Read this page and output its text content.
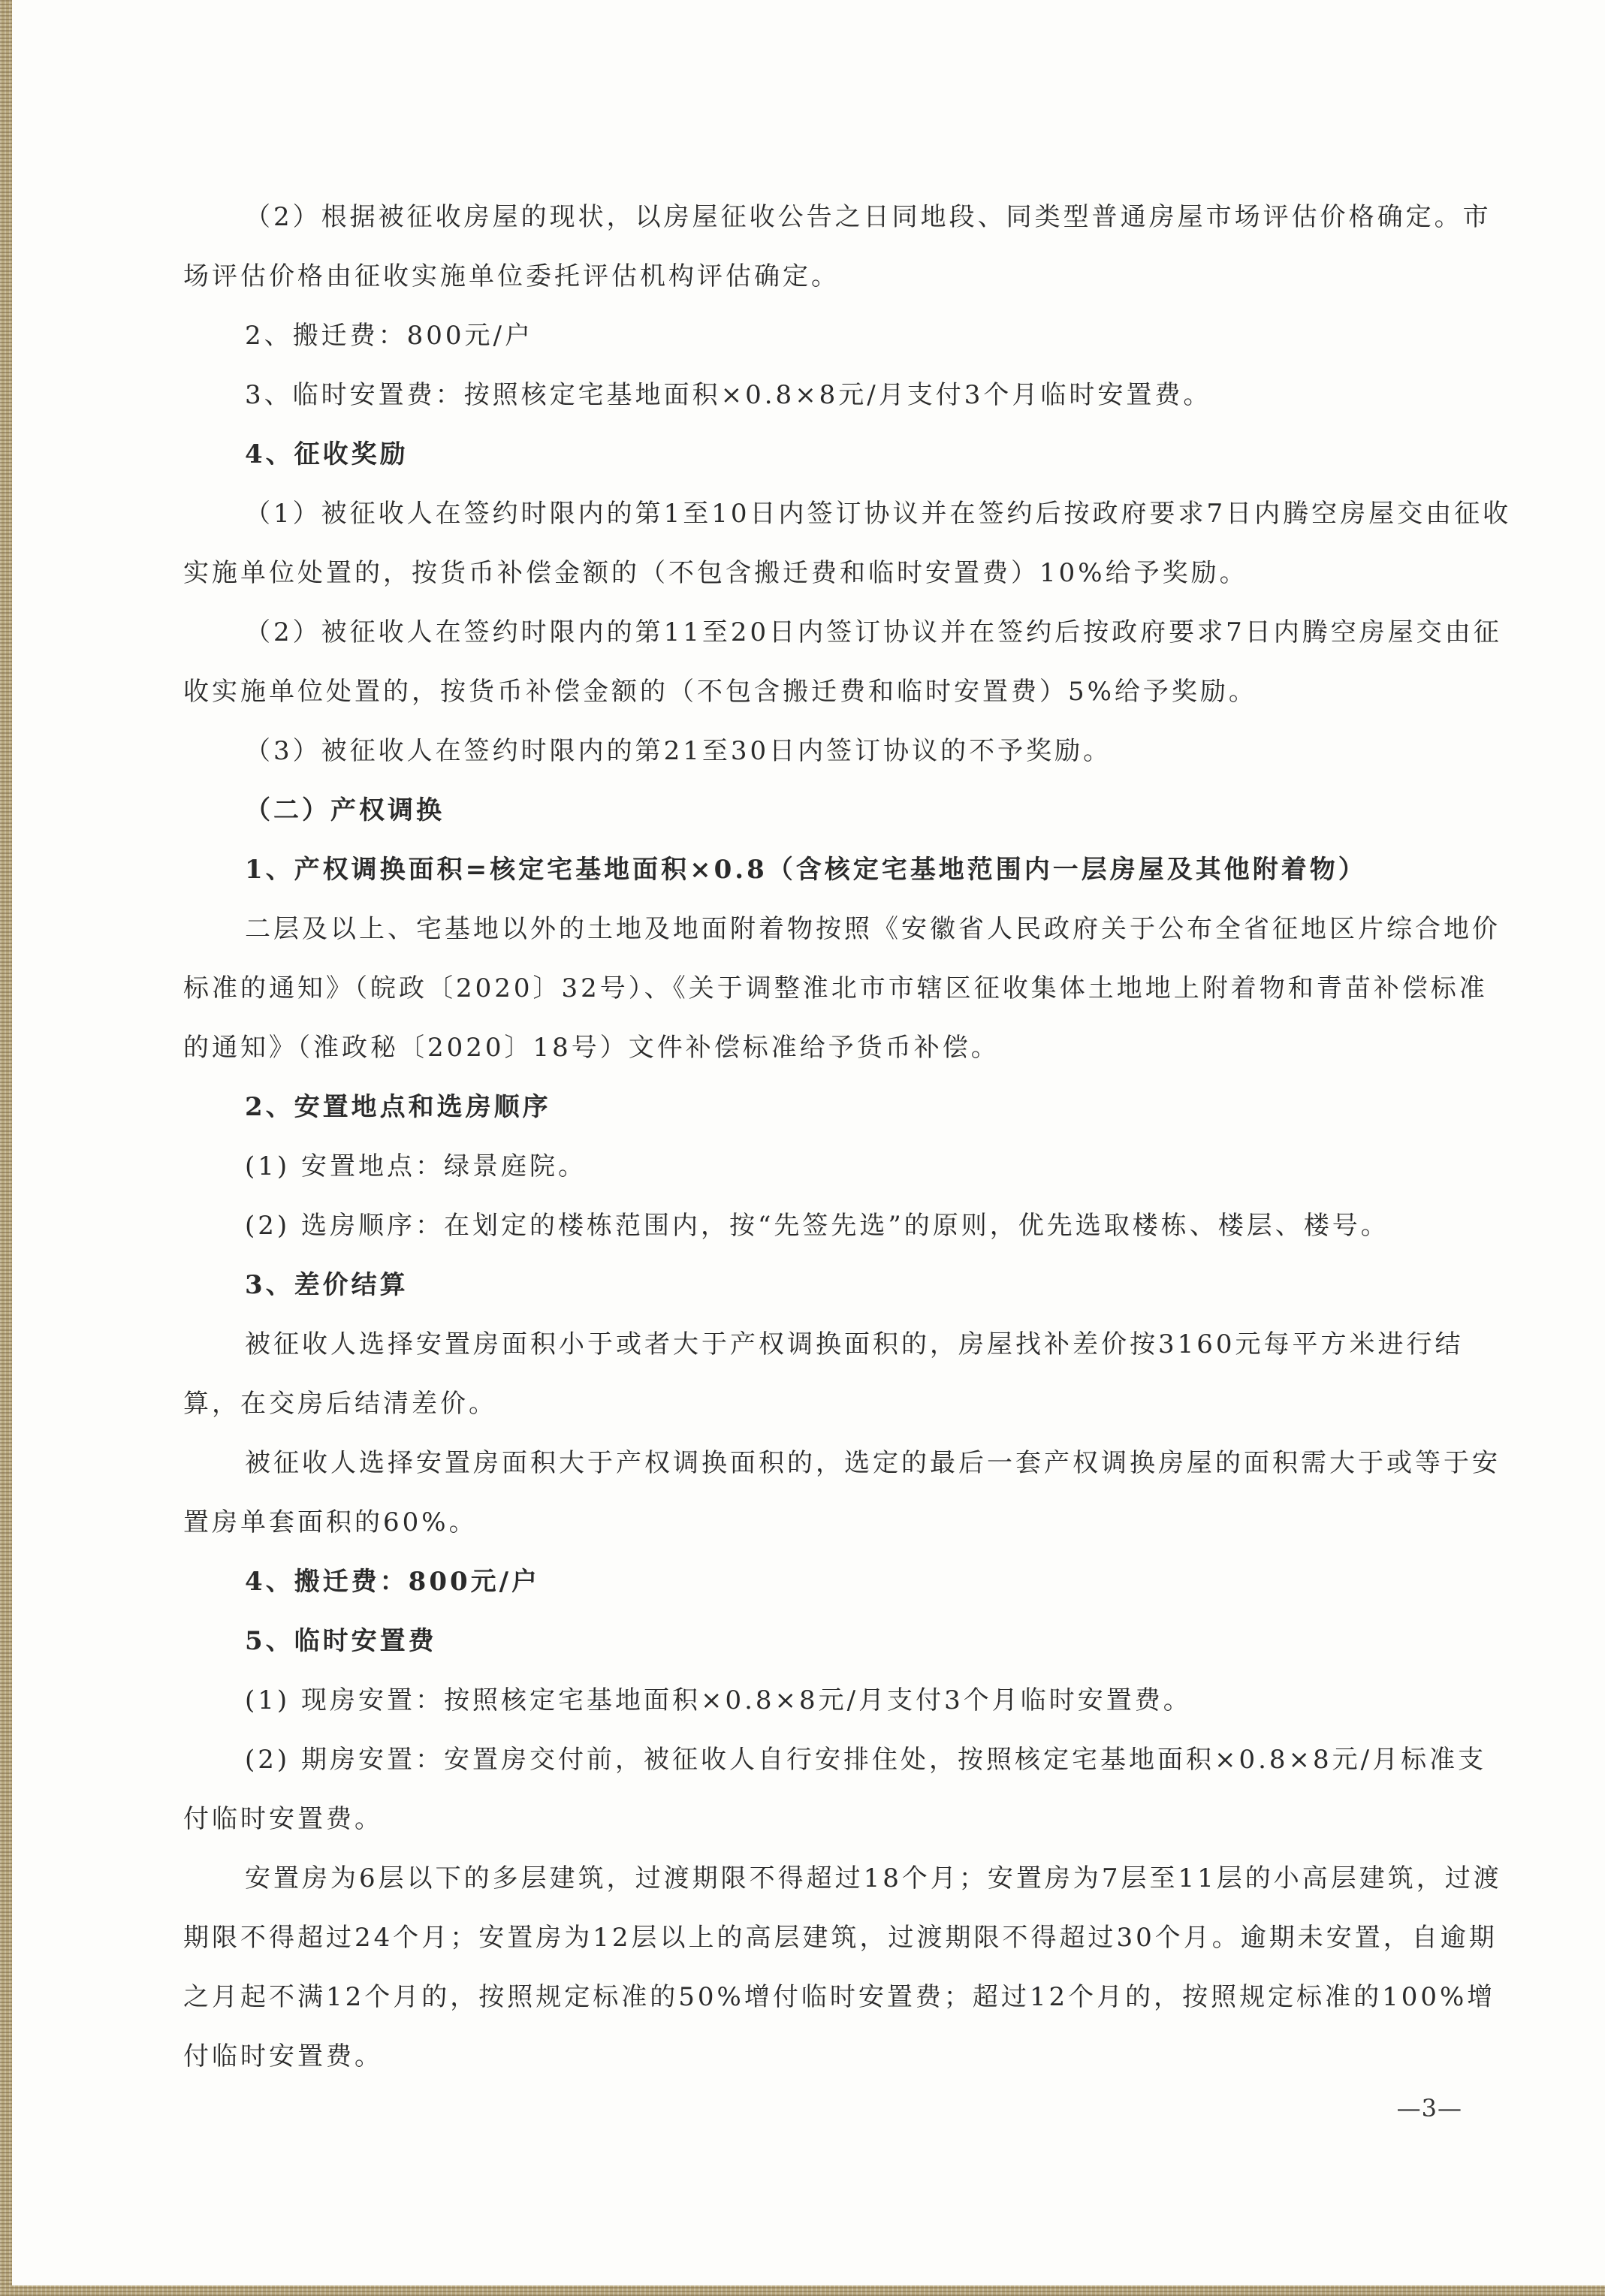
（2）根据被征收房屋的现状，以房屋征收公告之日同地段、同类型普通房屋市场评估价格确定。市场评估价格由征收实施单位委托评估机构评估确定。

2、搬迁费：800元/户

3、临时安置费：按照核定宅基地面积×0.8×8元/月支付3个月临时安置费。

4、征收奖励

（1）被征收人在签约时限内的第1至10日内签订协议并在签约后按政府要求7日内腾空房屋交由征收实施单位处置的，按货币补偿金额的（不包含搬迁费和临时安置费）10%给予奖励。

（2）被征收人在签约时限内的第11至20日内签订协议并在签约后按政府要求7日内腾空房屋交由征收实施单位处置的，按货币补偿金额的（不包含搬迁费和临时安置费）5%给予奖励。

（3）被征收人在签约时限内的第21至30日内签订协议的不予奖励。

（二）产权调换

1、产权调换面积=核定宅基地面积×0.8（含核定宅基地范围内一层房屋及其他附着物）

二层及以上、宅基地以外的土地及地面附着物按照《安徽省人民政府关于公布全省征地区片综合地价标准的通知》（皖政〔2020〕32号）、《关于调整淮北市市辖区征收集体土地地上附着物和青苗补偿标准的通知》（淮政秘〔2020〕18号）文件补偿标准给予货币补偿。

2、安置地点和选房顺序

(1) 安置地点：绿景庭院。

(2) 选房顺序：在划定的楼栋范围内，按“先签先选”的原则，优先选取楼栋、楼层、楼号。

3、差价结算

被征收人选择安置房面积小于或者大于产权调换面积的，房屋找补差价按3160元每平方米进行结算，在交房后结清差价。

被征收人选择安置房面积大于产权调换面积的，选定的最后一套产权调换房屋的面积需大于或等于安置房单套面积的60%。

4、搬迁费：800元/户

5、临时安置费

(1) 现房安置：按照核定宅基地面积×0.8×8元/月支付3个月临时安置费。

(2) 期房安置：安置房交付前，被征收人自行安排住处，按照核定宅基地面积×0.8×8元/月标准支付临时安置费。

安置房为6层以下的多层建筑，过渡期限不得超过18个月；安置房为7层至11层的小高层建筑，过渡期限不得超过24个月；安置房为12层以上的高层建筑，过渡期限不得超过30个月。逾期未安置，自逾期之月起不满12个月的，按照规定标准的50%增付临时安置费；超过12个月的，按照规定标准的100%增付临时安置费。

—3—
